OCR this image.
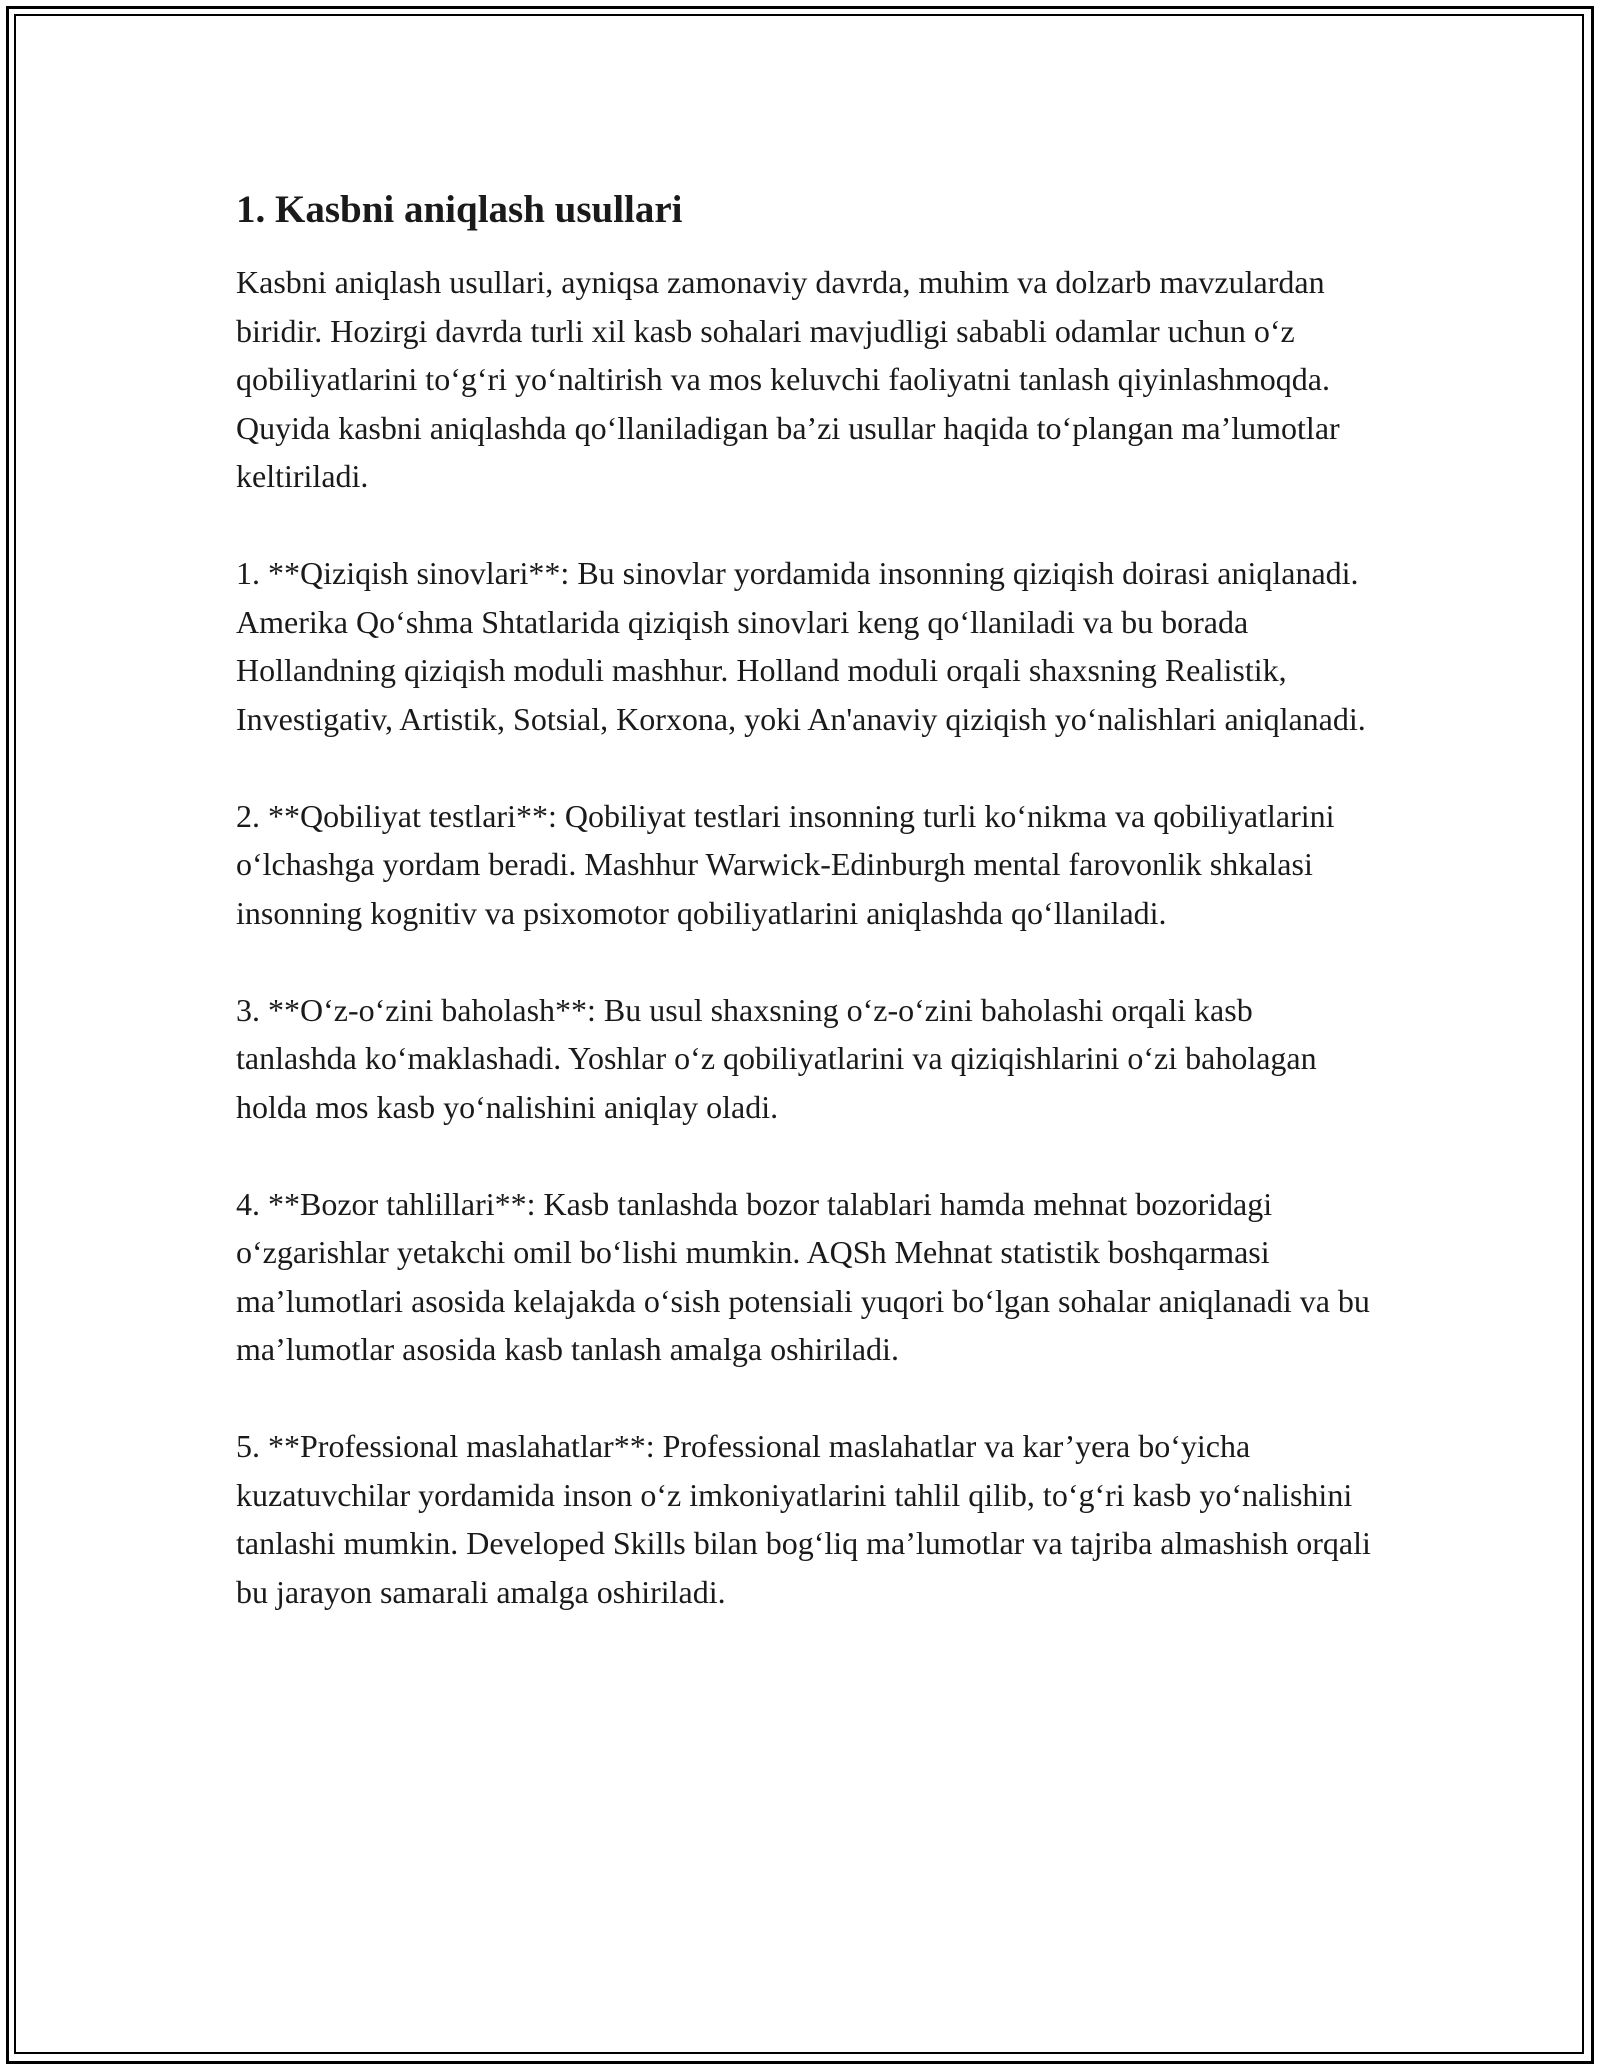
1. Kasbni aniqlash usullari

Kasbni aniqlash usullari, ayniqsa zamonaviy davrda, muhim va dolzarb mavzulardan biridir. Hozirgi davrda turli xil kasb sohalari mavjudligi sababli odamlar uchun o‘z qobiliyatlarini to‘g‘ri yo‘naltirish va mos keluvchi faoliyatni tanlash qiyinlashmoqda. Quyida kasbni aniqlashda qo‘llaniladigan ba’zi usullar haqida to‘plangan ma’lumotlar keltiriladi.

1. **Qiziqish sinovlari**: Bu sinovlar yordamida insonning qiziqish doirasi aniqlanadi. Amerika Qo‘shma Shtatlarida qiziqish sinovlari keng qo‘llaniladi va bu borada Hollandning qiziqish moduli mashhur. Holland moduli orqali shaxsning Realistik, Investigativ, Artistik, Sotsial, Korxona, yoki An'anaviy qiziqish yo‘nalishlari aniqlanadi.

2. **Qobiliyat testlari**: Qobiliyat testlari insonning turli ko‘nikma va qobiliyatlarini o‘lchashga yordam beradi. Mashhur Warwick-Edinburgh mental farovonlik shkalasi insonning kognitiv va psixomotor qobiliyatlarini aniqlashda qo‘llaniladi.

3. **O‘z-o‘zini baholash**: Bu usul shaxsning o‘z-o‘zini baholashi orqali kasb tanlashda ko‘maklashadi. Yoshlar o‘z qobiliyatlarini va qiziqishlarini o‘zi baholagan holda mos kasb yo‘nalishini aniqlay oladi.

4. **Bozor tahlillari**: Kasb tanlashda bozor talablari hamda mehnat bozoridagi o‘zgarishlar yetakchi omil bo‘lishi mumkin. AQSh Mehnat statistik boshqarmasi ma’lumotlari asosida kelajakda o‘sish potensiali yuqori bo‘lgan sohalar aniqlanadi va bu ma’lumotlar asosida kasb tanlash amalga oshiriladi.

5. **Professional maslahatlar**: Professional maslahatlar va kar’yera bo‘yicha kuzatuvchilar yordamida inson o‘z imkoniyatlarini tahlil qilib, to‘g‘ri kasb yo‘nalishini tanlashi mumkin. Developed Skills bilan bog‘liq ma’lumotlar va tajriba almashish orqali bu jarayon samarali amalga oshiriladi.
